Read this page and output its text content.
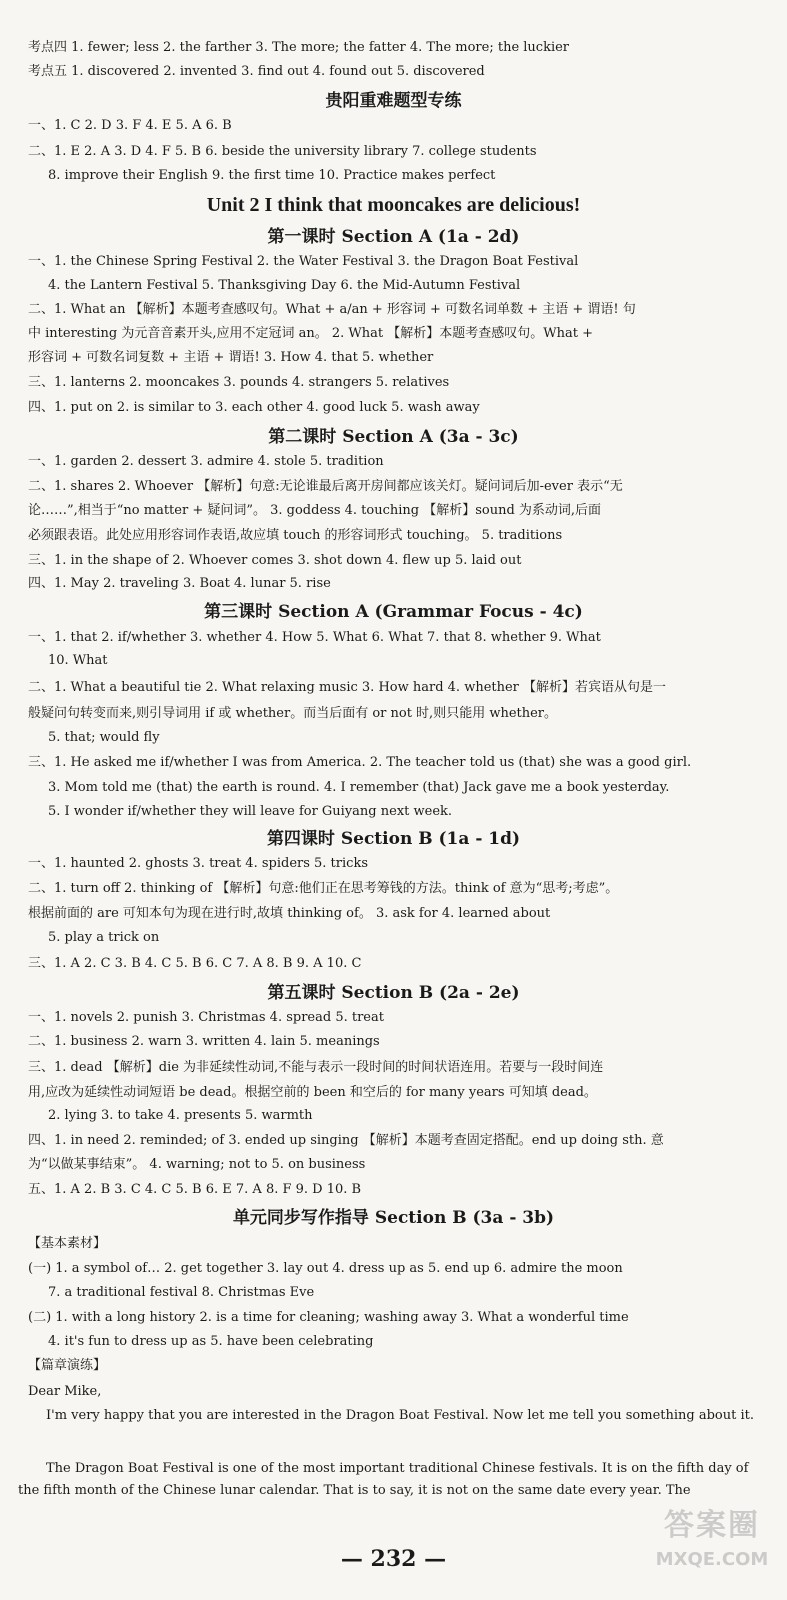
考点四 1. fewer; less 2. the farther 3. The more; the fatter 4. The more; the luckier
考点五 1. discovered 2. invented 3. find out 4. found out 5. discovered
贵阳重难题型专练
一、1. C 2. D 3. F 4. E 5. A 6. B
二、1. E 2. A 3. D 4. F 5. B 6. beside the university library 7. college students
8. improve their English 9. the first time 10. Practice makes perfect
Unit 2 I think that mooncakes are delicious!
第一课时 Section A (1a - 2d)
一、1. the Chinese Spring Festival 2. the Water Festival 3. the Dragon Boat Festival
4. the Lantern Festival 5. Thanksgiving Day 6. the Mid-Autumn Festival
二、1. What an 【解析】本题考查感叹句。What + a/an + 形容词 + 可数名词单数 + 主语 + 谓语! 句
中 interesting 为元音音素开头,应用不定冠词 an。 2. What 【解析】本题考查感叹句。What +
形容词 + 可数名词复数 + 主语 + 谓语! 3. How 4. that 5. whether
三、1. lanterns 2. mooncakes 3. pounds 4. strangers 5. relatives
四、1. put on 2. is similar to 3. each other 4. good luck 5. wash away
第二课时 Section A (3a - 3c)
一、1. garden 2. dessert 3. admire 4. stole 5. tradition
二、1. shares 2. Whoever 【解析】句意:无论谁最后离开房间都应该关灯。疑问词后加-ever 表示“无
论……”,相当于“no matter + 疑问词”。 3. goddess 4. touching 【解析】sound 为系动词,后面
必须跟表语。此处应用形容词作表语,故应填 touch 的形容词形式 touching。 5. traditions
三、1. in the shape of 2. Whoever comes 3. shot down 4. flew up 5. laid out
四、1. May 2. traveling 3. Boat 4. lunar 5. rise
第三课时 Section A (Grammar Focus - 4c)
一、1. that 2. if/whether 3. whether 4. How 5. What 6. What 7. that 8. whether 9. What
10. What
二、1. What a beautiful tie 2. What relaxing music 3. How hard 4. whether 【解析】若宾语从句是一
般疑问句转变而来,则引导词用 if 或 whether。而当后面有 or not 时,则只能用 whether。
5. that; would fly
三、1. He asked me if/whether I was from America. 2. The teacher told us (that) she was a good girl.
3. Mom told me (that) the earth is round. 4. I remember (that) Jack gave me a book yesterday.
5. I wonder if/whether they will leave for Guiyang next week.
第四课时 Section B (1a - 1d)
一、1. haunted 2. ghosts 3. treat 4. spiders 5. tricks
二、1. turn off 2. thinking of 【解析】句意:他们正在思考筹钱的方法。think of 意为“思考;考虑”。
根据前面的 are 可知本句为现在进行时,故填 thinking of。 3. ask for 4. learned about
5. play a trick on
三、1. A 2. C 3. B 4. C 5. B 6. C 7. A 8. B 9. A 10. C
第五课时 Section B (2a - 2e)
一、1. novels 2. punish 3. Christmas 4. spread 5. treat
二、1. business 2. warn 3. written 4. lain 5. meanings
三、1. dead 【解析】die 为非延续性动词,不能与表示一段时间的时间状语连用。若要与一段时间连
用,应改为延续性动词短语 be dead。根据空前的 been 和空后的 for many years 可知填 dead。
2. lying 3. to take 4. presents 5. warmth
四、1. in need 2. reminded; of 3. ended up singing 【解析】本题考查固定搭配。end up doing sth. 意
为“以做某事结束”。 4. warning; not to 5. on business
五、1. A 2. B 3. C 4. C 5. B 6. E 7. A 8. F 9. D 10. B
单元同步写作指导 Section B (3a - 3b)
【基本素材】
(一) 1. a symbol of… 2. get together 3. lay out 4. dress up as 5. end up 6. admire the moon
7. a traditional festival 8. Christmas Eve
(二) 1. with a long history 2. is a time for cleaning; washing away 3. What a wonderful time
4. it's fun to dress up as 5. have been celebrating
【篇章演练】
Dear Mike,
I'm very happy that you are interested in the Dragon Boat Festival. Now let me tell you something about it.
The Dragon Boat Festival is one of the most important traditional Chinese festivals. It is on the fifth day of the fifth month of the Chinese lunar calendar. That is to say, it is not on the same date every year. The
— 232 —
答案圈
MXQE.COM
